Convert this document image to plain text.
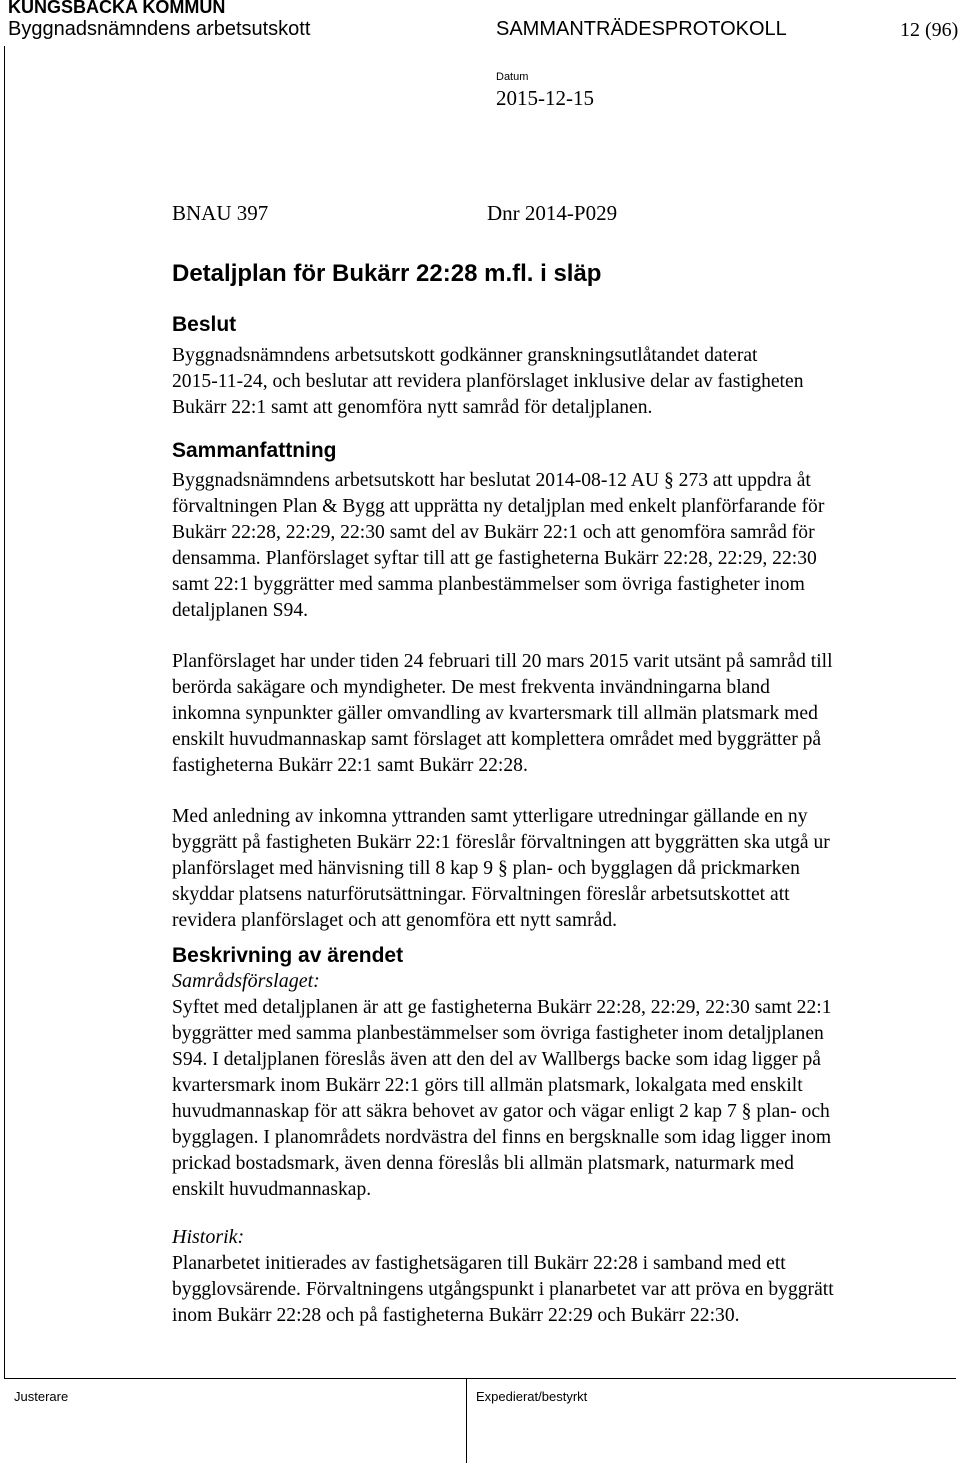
KUNGSBACKA KOMMUN
Byggnadsnämndens arbetsutskott	SAMMANTRÄDESPROTOKOLL	12 (96)
Datum
2015-12-15
BNAU 397	Dnr 2014-P029
Detaljplan för Bukärr 22:28 m.fl. i släp
Beslut
Byggnadsnämndens arbetsutskott godkänner granskningsutlåtandet daterat
2015-11-24, och beslutar att revidera planförslaget inklusive delar av fastigheten
Bukärr 22:1 samt att genomföra nytt samråd för detaljplanen.
Sammanfattning
Byggnadsnämndens arbetsutskott har beslutat 2014-08-12 AU § 273 att uppdra åt
förvaltningen Plan & Bygg att upprätta ny detaljplan med enkelt planförfarande för
Bukärr 22:28, 22:29, 22:30 samt del av Bukärr 22:1 och att genomföra samråd för
densamma. Planförslaget syftar till att ge fastigheterna Bukärr 22:28, 22:29, 22:30
samt 22:1 byggrätter med samma planbestämmelser som övriga fastigheter inom
detaljplanen S94.
Planförslaget har under tiden 24 februari till 20 mars 2015 varit utsänt på samråd till
berörda sakägare och myndigheter. De mest frekventa invändningarna bland
inkomna synpunkter gäller omvandling av kvartersmark till allmän platsmark med
enskilt huvudmannaskap samt förslaget att komplettera området med byggrätter på
fastigheterna Bukärr 22:1 samt Bukärr 22:28.
Med anledning av inkomna yttranden samt ytterligare utredningar gällande en ny
byggrätt på fastigheten Bukärr 22:1 föreslår förvaltningen att byggrätten ska utgå ur
planförslaget med hänvisning till 8 kap 9 § plan- och bygglagen då prickmarken
skyddar platsens naturförutsättningar. Förvaltningen föreslår arbetsutskottet att
revidera planförslaget och att genomföra ett nytt samråd.
Beskrivning av ärendet
Samrådsförslaget:
Syftet med detaljplanen är att ge fastigheterna Bukärr 22:28, 22:29, 22:30 samt 22:1
byggrätter med samma planbestämmelser som övriga fastigheter inom detaljplanen
S94. I detaljplanen föreslås även att den del av Wallbergs backe som idag ligger på
kvartersmark inom Bukärr 22:1 görs till allmän platsmark, lokalgata med enskilt
huvudmannaskap för att säkra behovet av gator och vägar enligt 2 kap 7 § plan- och
bygglagen. I planområdets nordvästra del finns en bergsknalle som idag ligger inom
prickad bostadsmark, även denna föreslås bli allmän platsmark, naturmark med
enskilt huvudmannaskap.
Historik:
Planarbetet initierades av fastighetsägaren till Bukärr 22:28 i samband med ett
bygglovsärende. Förvaltningens utgångspunkt i planarbetet var att pröva en byggrätt
inom Bukärr 22:28 och på fastigheterna Bukärr 22:29 och Bukärr 22:30.
Justerare	Expedierat/bestyrkt
